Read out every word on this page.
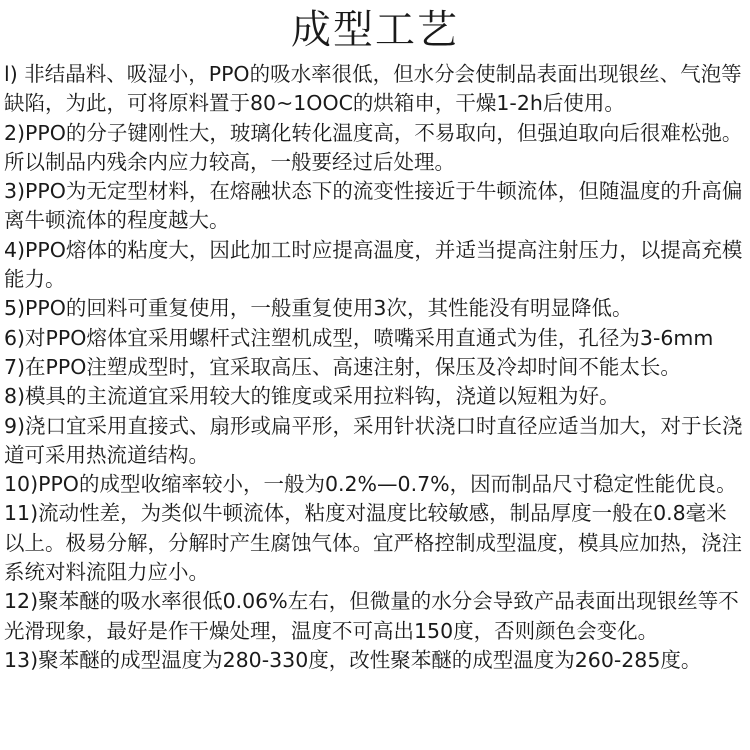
成型工艺
l) 非结晶料、吸湿小，PPO的吸水率很低，但水分会使制品表面出现银丝、气泡等缺陷，为此，可将原料置于80~1OOC的烘箱申，干燥1-2h后使用。
2)PPO的分子键刚性大，玻璃化转化温度高，不易取向，但强迫取向后很难松弛。所以制品内残余内应力较高，一般要经过后处理。
3)PPO为无定型材料，在熔融状态下的流变性接近于牛顿流体，但随温度的升高偏离牛顿流体的程度越大。
4)PPO熔体的粘度大，因此加工时应提高温度，并适当提高注射压力，以提高充模能力。
5)PPO的回料可重复使用，一般重复使用3次，其性能没有明显降低。
6)对PPO熔体宜采用螺杆式注塑机成型，喷嘴采用直通式为佳，孔径为3-6mm
7)在PPO注塑成型时，宜采取高压、高速注射，保压及冷却时间不能太长。
8)模具的主流道宜采用较大的锥度或采用拉料钩，浇道以短粗为好。
9)浇口宜采用直接式、扇形或扁平形，采用针状浇口时直径应适当加大，对于长浇道可采用热流道结构。
10)PPO的成型收缩率较小，一般为0.2%—0.7%，因而制品尺寸稳定性能优良。
11)流动性差，为类似牛顿流体，粘度对温度比较敏感，制品厚度一般在0.8毫米以上。极易分解，分解时产生腐蚀气体。宜严格控制成型温度，模具应加热，浇注系统对料流阻力应小。
12)聚苯醚的吸水率很低0.06%左右，但微量的水分会导致产品表面出现银丝等不光滑现象，最好是作干燥处理，温度不可高出150度，否则颜色会变化。
13)聚苯醚的成型温度为280-330度，改性聚苯醚的成型温度为260-285度。
